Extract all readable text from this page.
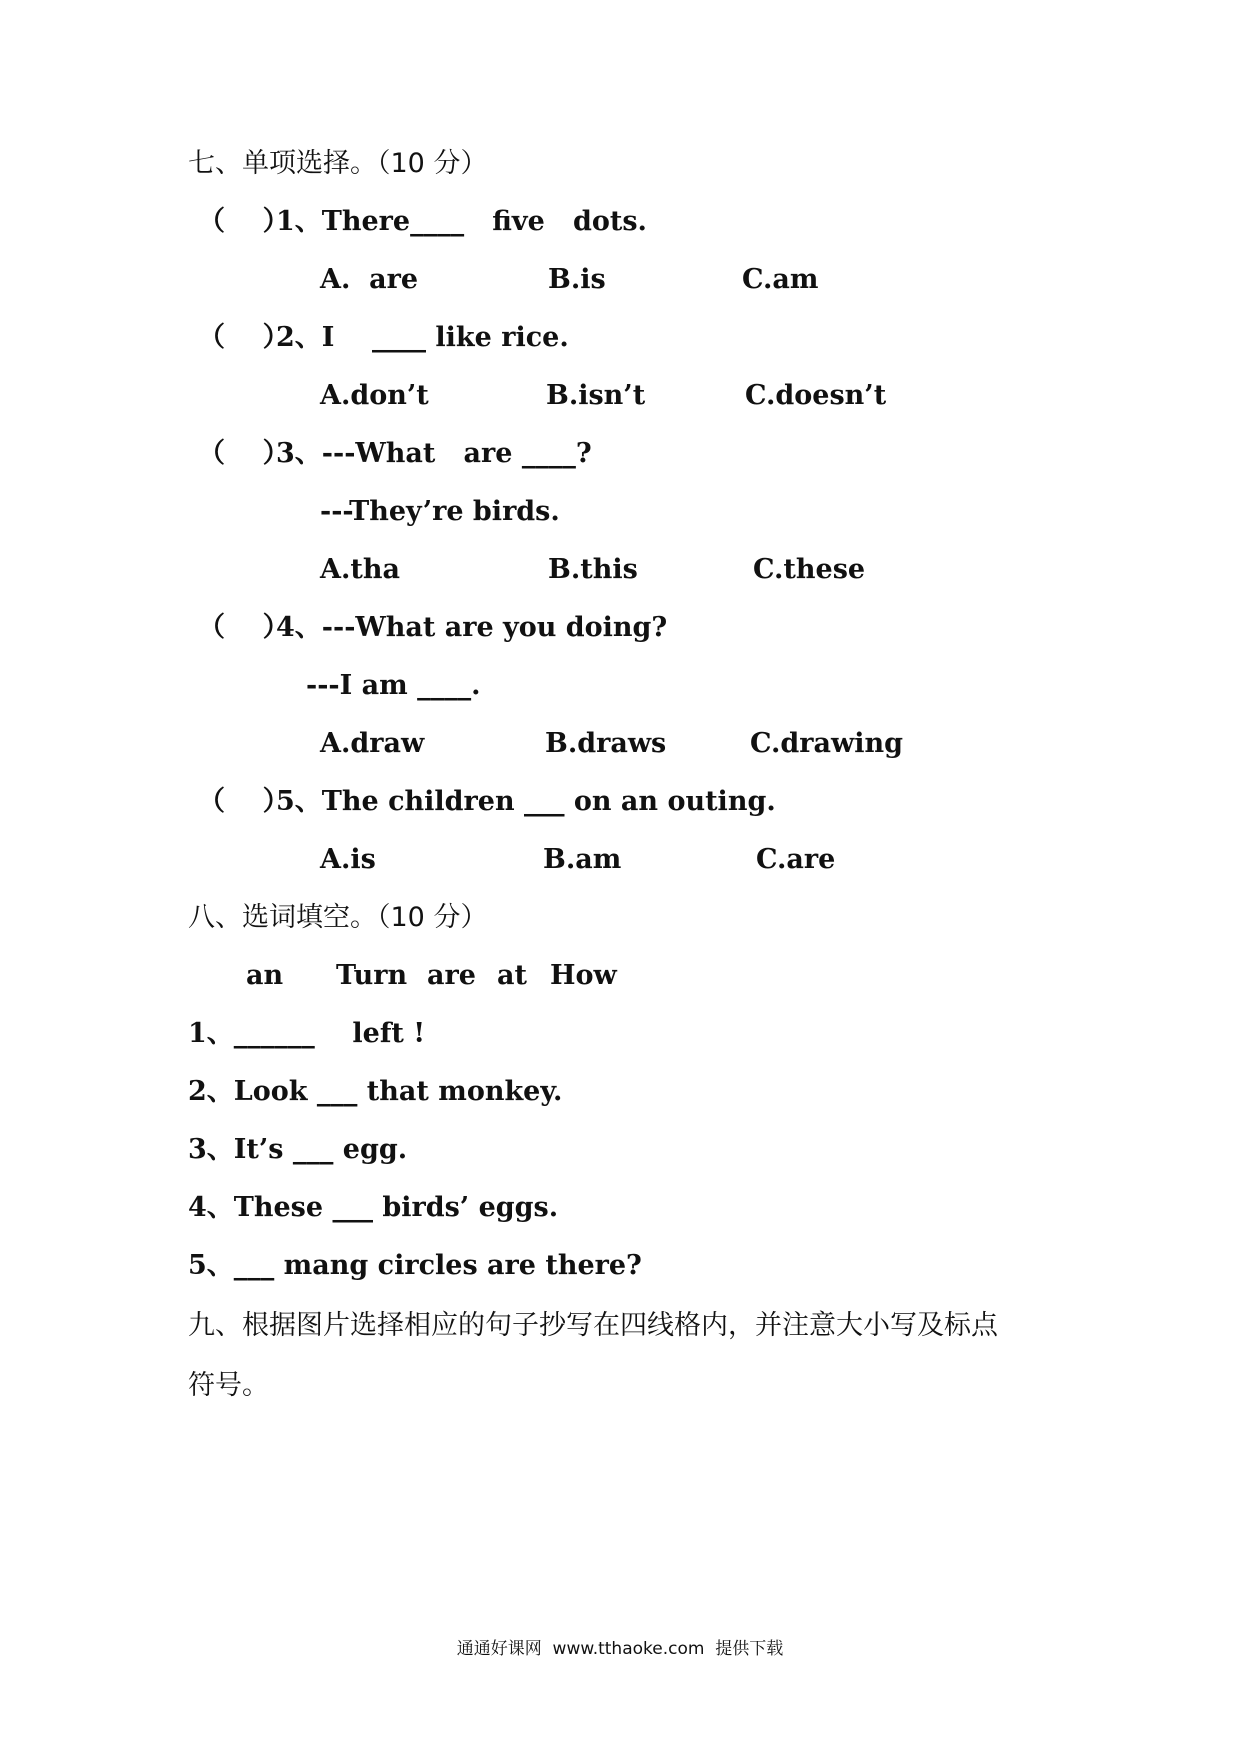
七、单项选择。（10 分）
（    ）
1、There____   five   dots.
A.  are	B.is	C.am
（    ）
2、I    ____ like rice.
A.don’t	B.isn’t	C.doesn’t
（    ）
3、---What   are ____?
---They’re birds.
A.tha	B.this	C.these
（    ）
4、---What are you doing?
---I am ____.
A.draw	B.draws	C.drawing
（    ）
5、The children ___ on an outing.
A.is	B.am	C.are
八、选词填空。（10 分）
an Turn are at How
1、______    left !
2、Look ___ that monkey.
3、It’s ___ egg.
4、These ___ birds’ eggs.
5、___ mang circles are there?
九、根据图片选择相应的句子抄写在四线格内，并注意大小写及标点
符号。
通通好课网  www.tthaoke.com  提供下载
